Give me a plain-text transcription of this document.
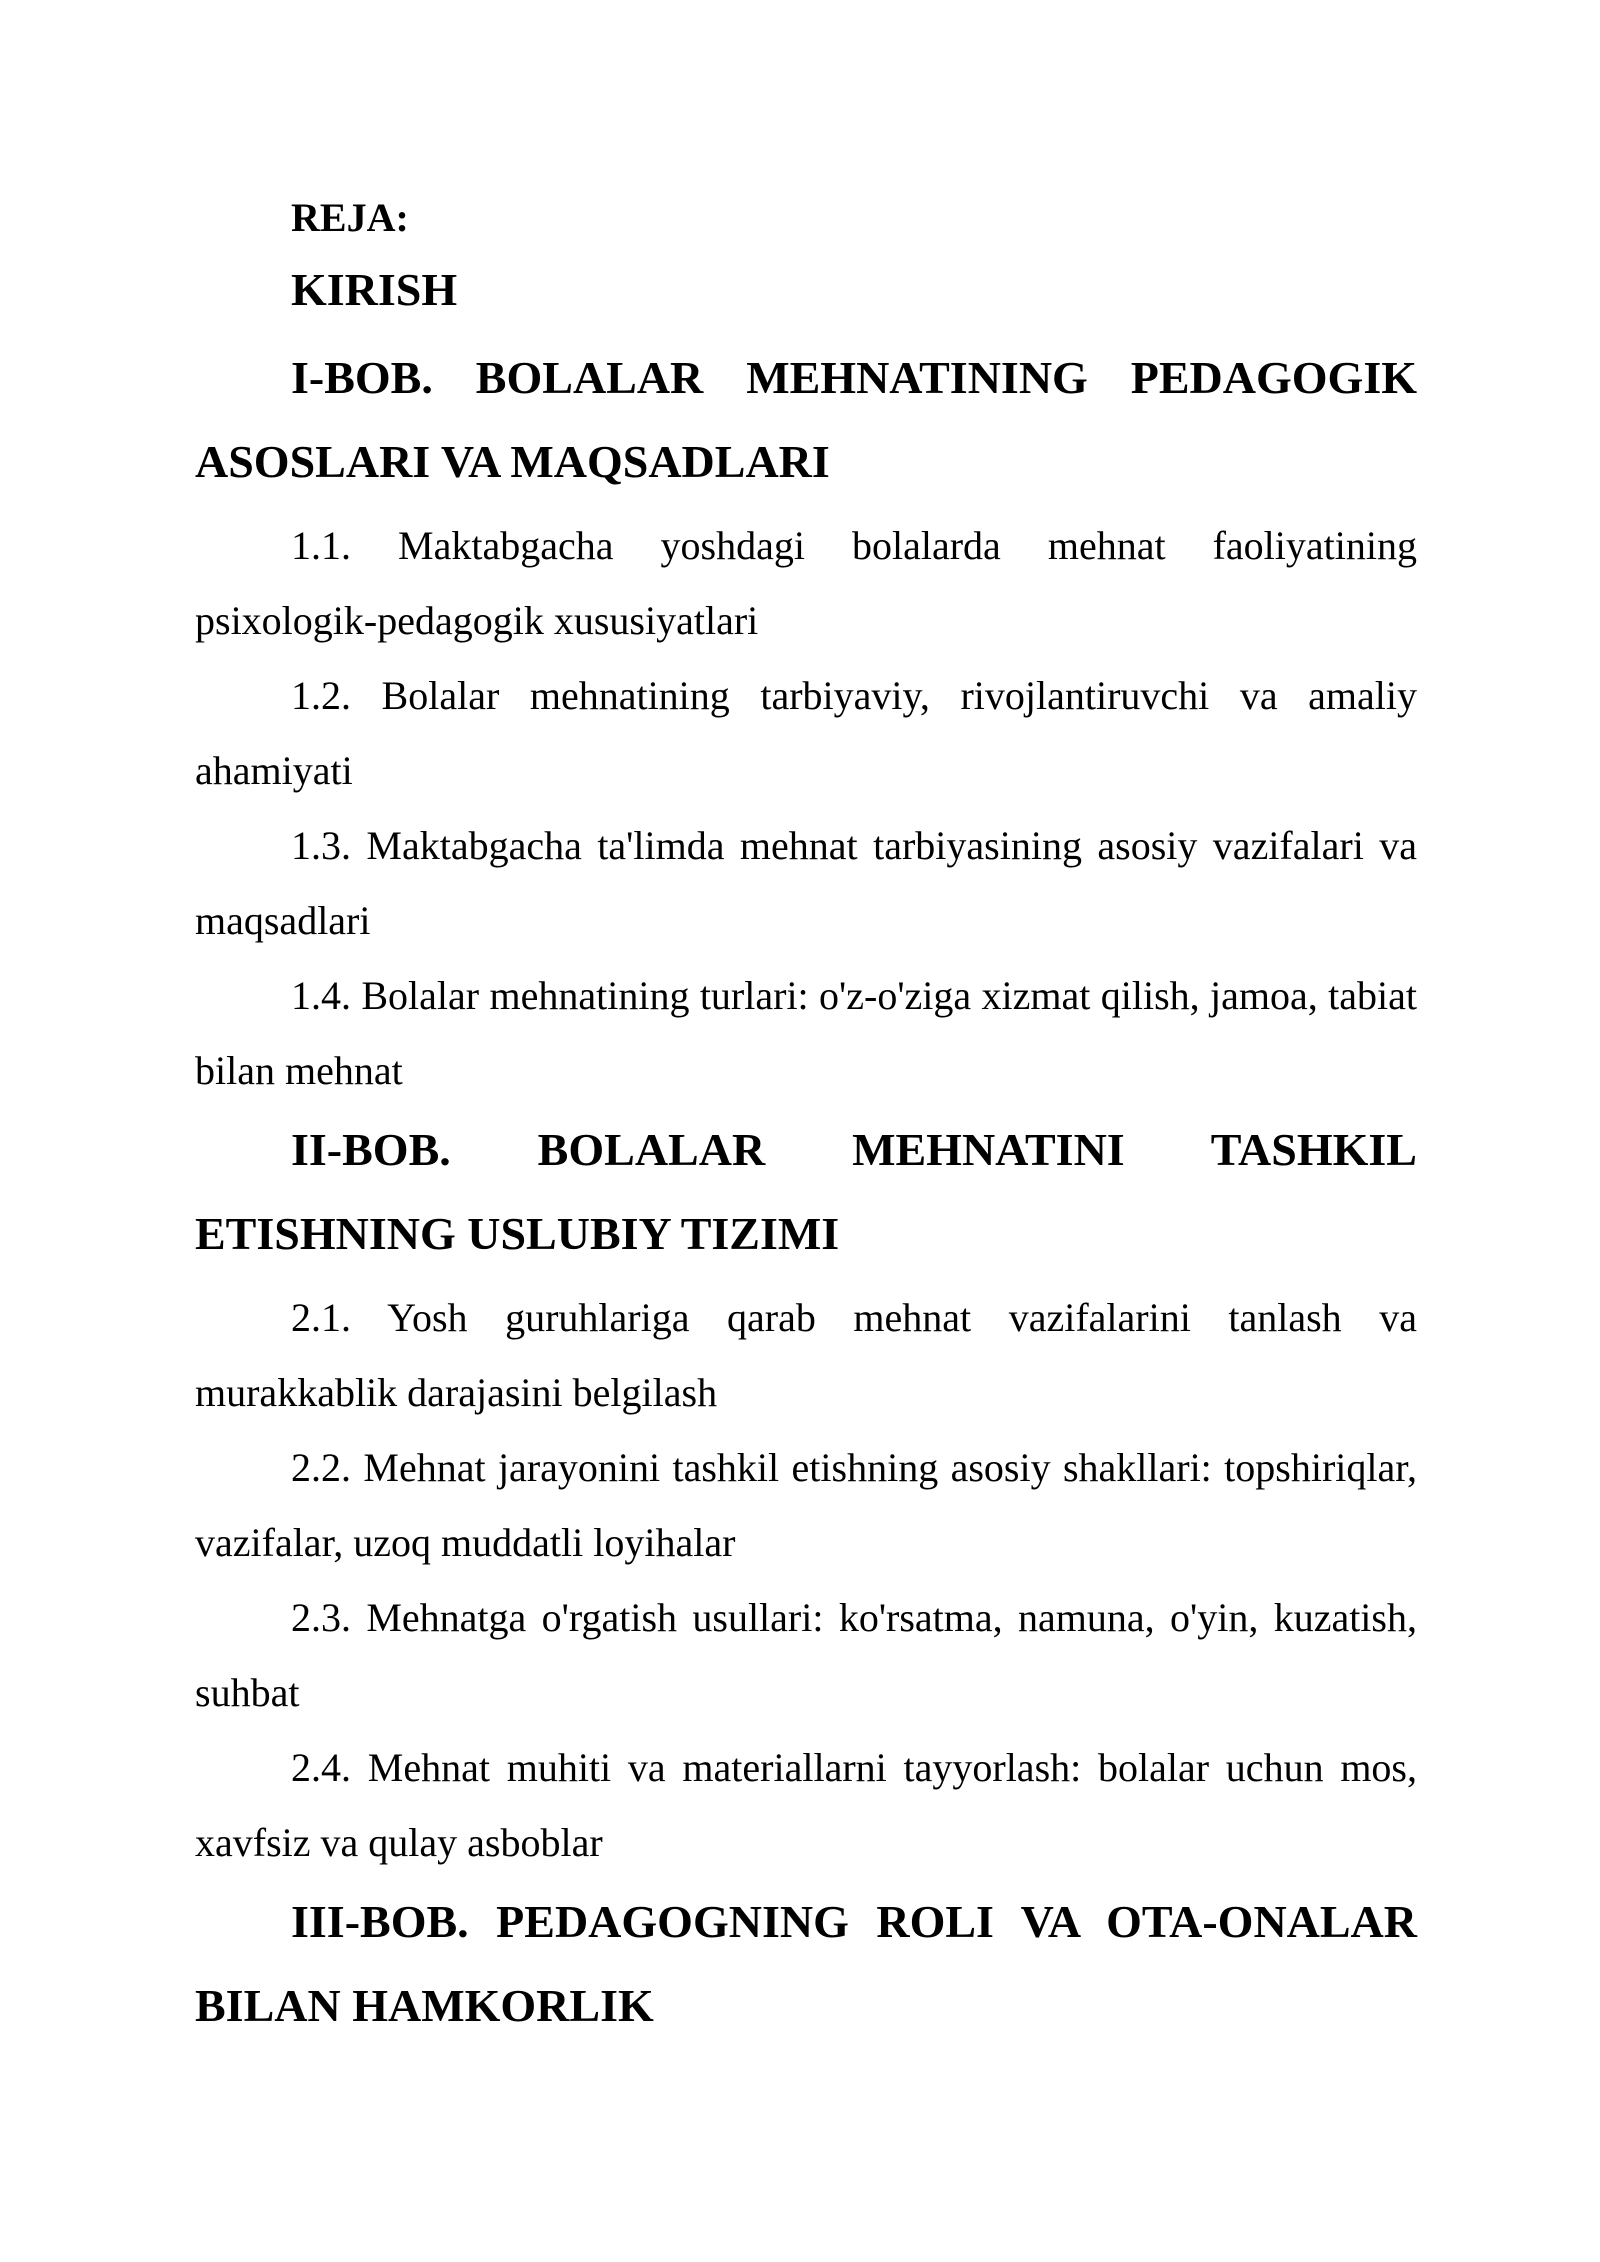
REJA:

KIRISH

I-BOB. BOLALAR MEHNATINING PEDAGOGIK ASOSLARI VA MAQSADLARI

1.1. Maktabgacha yoshdagi bolalarda mehnat faoliyatining psixologik-pedagogik xususiyatlari

1.2. Bolalar mehnatining tarbiyaviy, rivojlantiruvchi va amaliy ahamiyati

1.3. Maktabgacha ta'limda mehnat tarbiyasining asosiy vazifalari va maqsadlari

1.4. Bolalar mehnatining turlari: o'z-o'ziga xizmat qilish, jamoa, tabiat bilan mehnat

II-BOB. BOLALAR MEHNATINI TASHKIL ETISHNING USLUBIY TIZIMI

2.1. Yosh guruhlariga qarab mehnat vazifalarini tanlash va murakkablik darajasini belgilash

2.2. Mehnat jarayonini tashkil etishning asosiy shakllari: topshiriqlar, vazifalar, uzoq muddatli loyihalar

2.3. Mehnatga o'rgatish usullari: ko'rsatma, namuna, o'yin, kuzatish, suhbat

2.4. Mehnat muhiti va materiallarni tayyorlash: bolalar uchun mos, xavfsiz va qulay asboblar

III-BOB. PEDAGOGNING ROLI VA OTA-ONALAR BILAN HAMKORLIK
